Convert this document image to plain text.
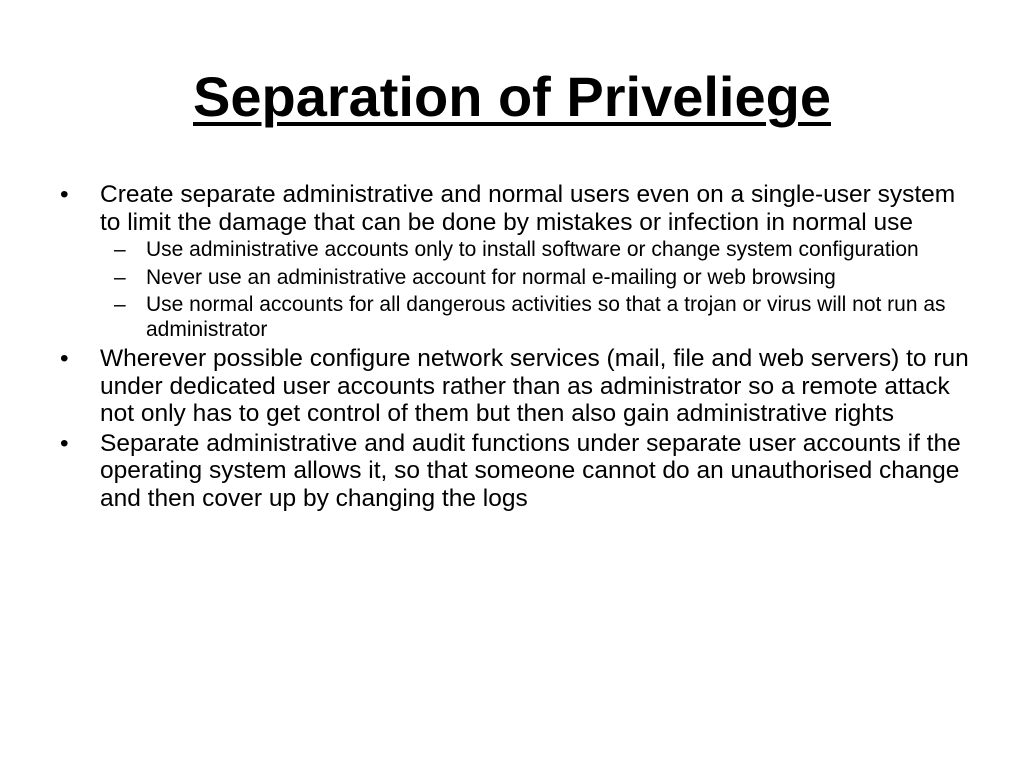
Separation of Priveliege
• Create separate administrative and normal users even on a single-user system to limit the damage that can be done by mistakes or infection in normal use
– Use administrative accounts only to install software or change system configuration
– Never use an administrative account for normal e-mailing or web browsing
– Use normal accounts for all dangerous activities so that a trojan or virus will not run as administrator
• Wherever possible configure network services (mail, file and web servers) to run under dedicated user accounts rather than as administrator so a remote attack not only has to get control of them but then also gain administrative rights
• Separate administrative and audit functions under separate user accounts if the operating system allows it, so that someone cannot do an unauthorised change and then cover up by changing the logs
